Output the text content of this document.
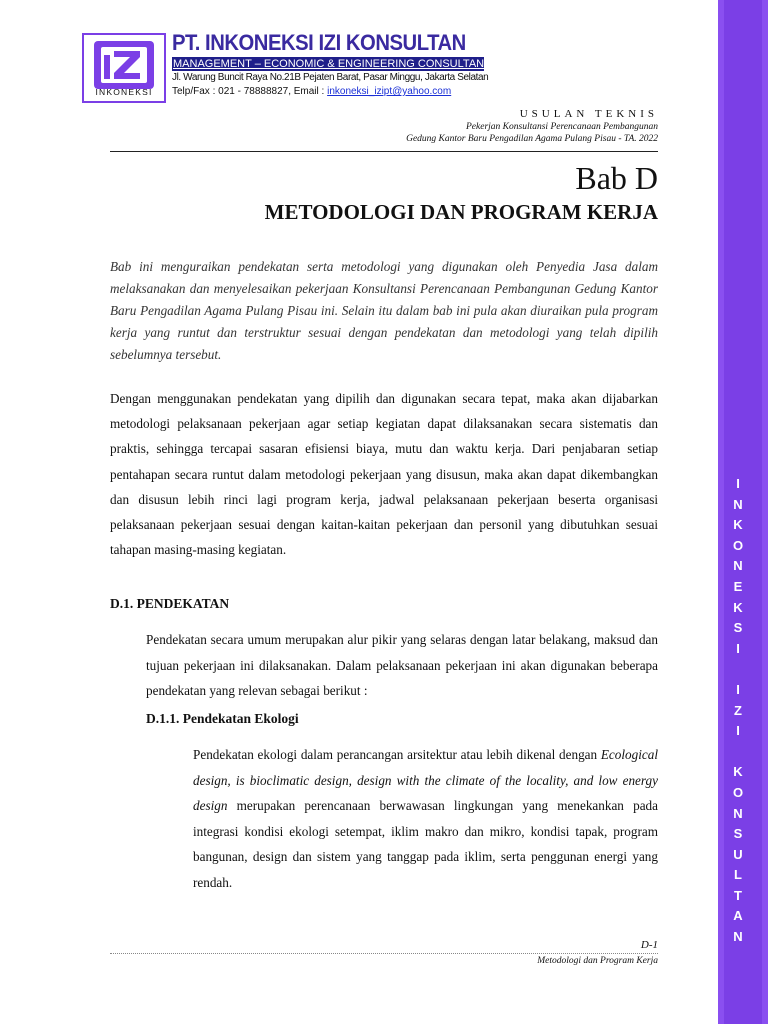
I
N
K
O
N
E
K
S
I

I
Z
I

K
O
N
S
U
L
T
A
N
INKONEKSI
PT. INKONEKSI IZI KONSULTAN
MANAGEMENT – ECONOMIC & ENGINEERING CONSULTANT
Jl. Warung Buncit Raya No.21B Pejaten Barat, Pasar Minggu, Jakarta Selatan
Telp/Fax : 021 - 78888827, Email : inkoneksi_izipt@yahoo.com
USULAN TEKNIS
Pekerjan Konsultansi Perencanaan Pembangunan
Gedung Kantor Baru Pengadilan Agama Pulang Pisau - TA. 2022
Bab D
METODOLOGI DAN PROGRAM KERJA

Bab ini menguraikan pendekatan serta metodologi yang digunakan oleh Penyedia Jasa dalam melaksanakan dan menyelesaikan pekerjaan Konsultansi Perencanaan Pembangunan Gedung Kantor Baru Pengadilan Agama Pulang Pisau ini. Selain itu dalam bab ini pula akan diuraikan pula program kerja yang runtut dan terstruktur sesuai dengan pendekatan dan metodologi yang telah dipilih sebelumnya tersebut.

Dengan menggunakan pendekatan yang dipilih dan digunakan secara tepat, maka akan dijabarkan metodologi pelaksanaan pekerjaan agar setiap kegiatan dapat dilaksanakan secara sistematis dan praktis, sehingga tercapai sasaran efisiensi biaya, mutu dan waktu kerja. Dari penjabaran setiap pentahapan secara runtut dalam metodologi pekerjaan yang disusun, maka akan dapat dikembangkan dan disusun lebih rinci lagi program kerja, jadwal pelaksanaan pekerjaan beserta organisasi pelaksanaan pekerjaan sesuai dengan kaitan-kaitan pekerjaan dan personil yang dibutuhkan sesuai tahapan masing-masing kegiatan.

D.1. PENDEKATAN

Pendekatan secara umum merupakan alur pikir yang selaras dengan latar belakang, maksud dan tujuan pekerjaan ini dilaksanakan. Dalam pelaksanaan pekerjaan ini akan digunakan beberapa pendekatan yang relevan sebagai berikut :

D.1.1. Pendekatan Ekologi

Pendekatan ekologi dalam perancangan arsitektur atau lebih dikenal dengan Ecological design, is bioclimatic design, design with the climate of the locality, and low energy design merupakan perencanaan berwawasan lingkungan yang menekankan pada integrasi kondisi ekologi setempat, iklim makro dan mikro, kondisi tapak, program bangunan, design dan sistem yang tanggap pada iklim, serta penggunan energi yang rendah.

D-1
Metodologi dan Program Kerja
